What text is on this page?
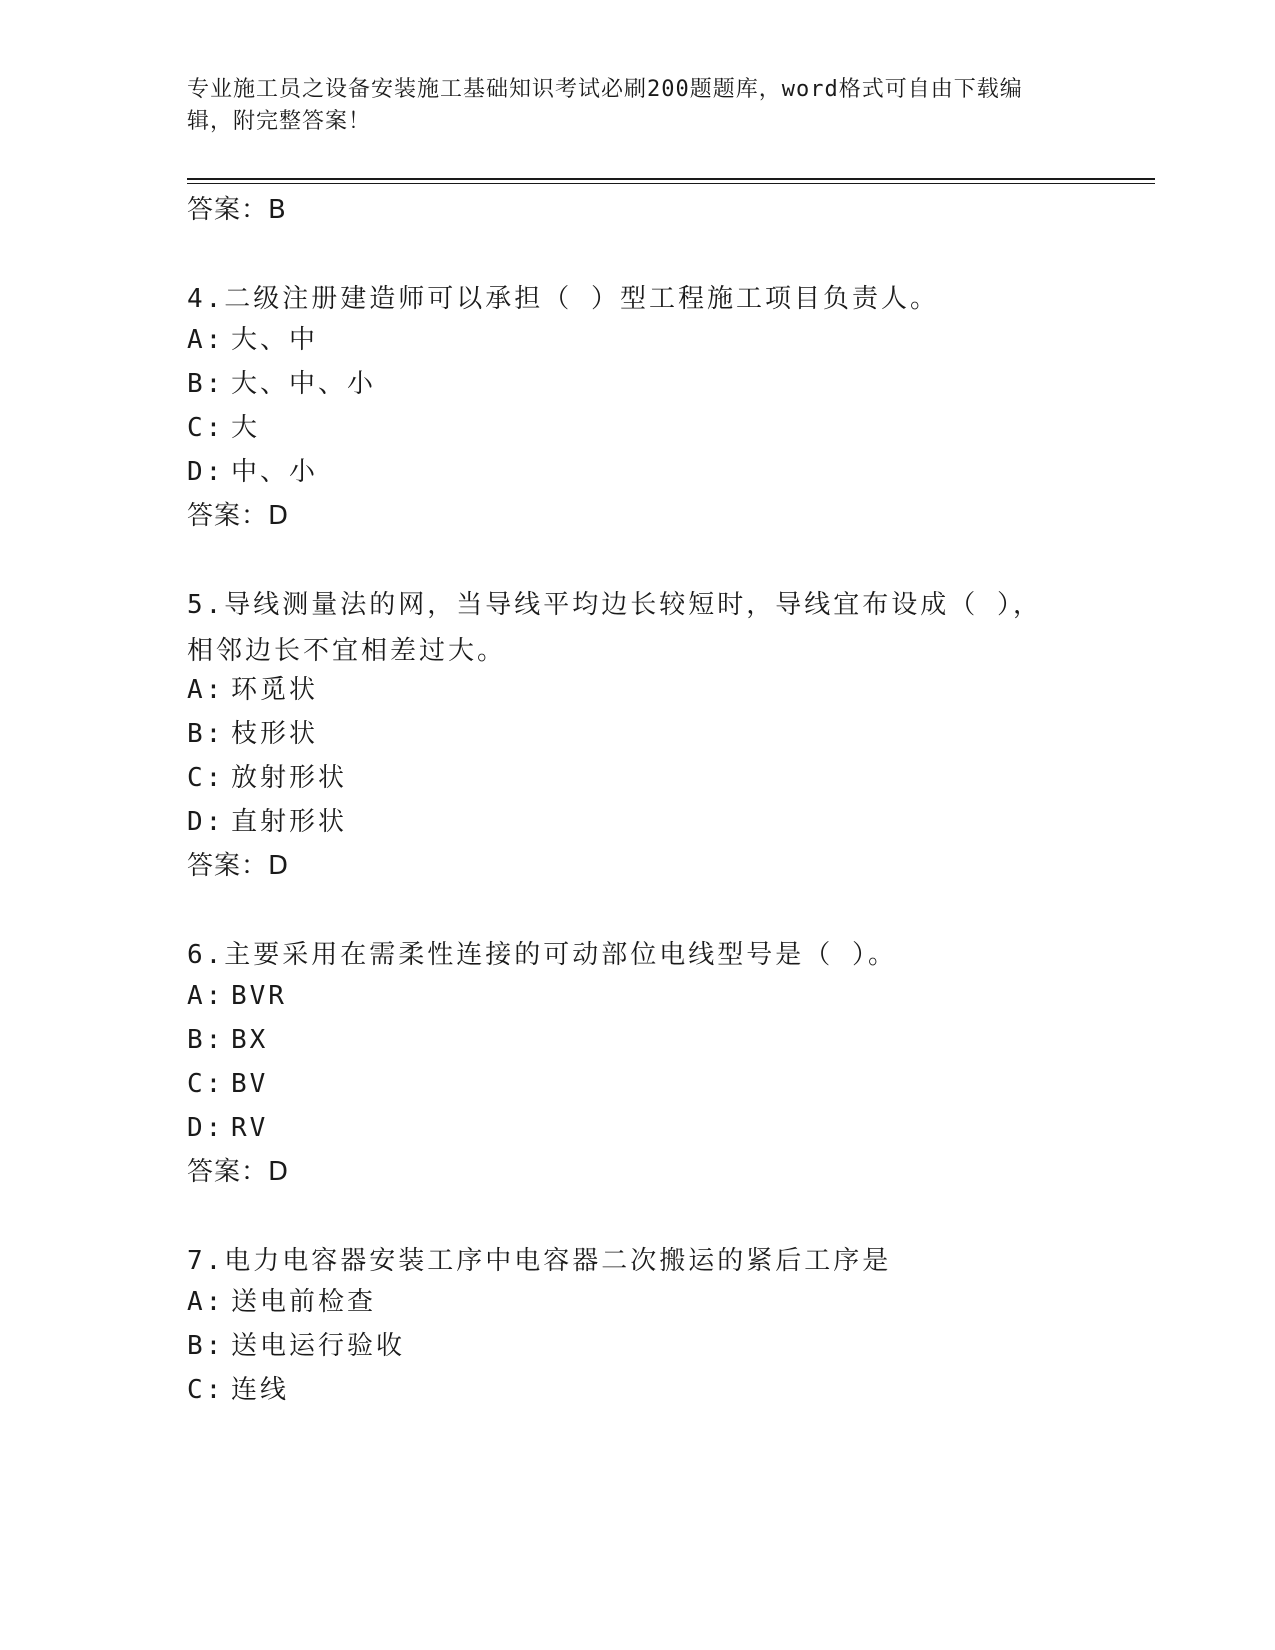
专业施工员之设备安装施工基础知识考试必刷200题题库，word格式可自由下载编辑，附完整答案！
答案：B
4.二级注册建造师可以承担（ ）型工程施工项目负责人。
A: 大、中
B: 大、中、小
C: 大
D: 中、小
答案：D
5.导线测量法的网，当导线平均边长较短时，导线宜布设成（ ），相邻边长不宜相差过大。
A: 环觅状
B: 枝形状
C: 放射形状
D: 直射形状
答案：D
6.主要采用在需柔性连接的可动部位电线型号是（ ）。
A: BVR
B: BX
C: BV
D: RV
答案：D
7.电力电容器安装工序中电容器二次搬运的紧后工序是
A: 送电前检查
B: 送电运行验收
C: 连线
